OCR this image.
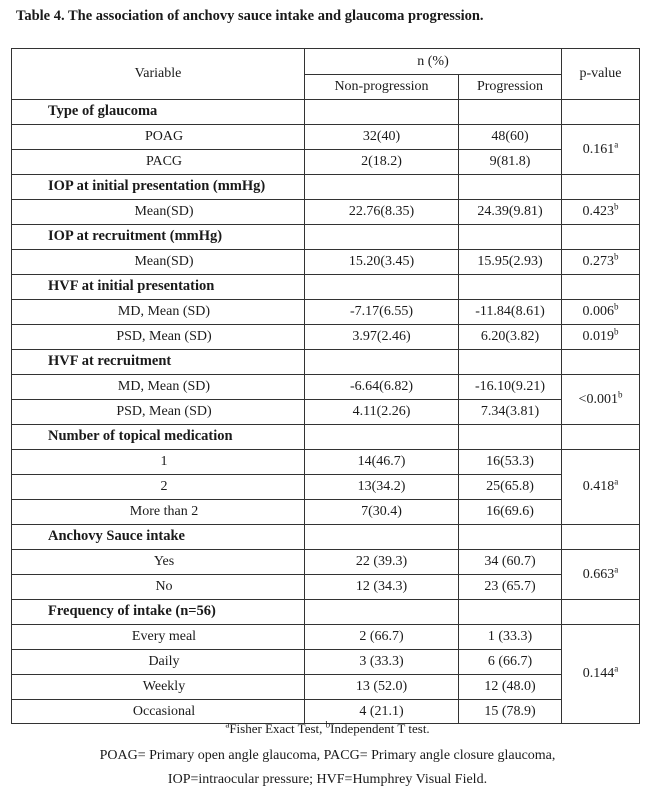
Table 4. The association of anchovy sauce intake and glaucoma progression.
Variable	n (%)		p-value
	Non-progression	Progression	
Type of glaucoma			
POAG	32(40)	48(60)	0.161$^a$
PACG	2(18.2)	9(81.8)	
IOP at initial presentation (mmHg)			
Mean(SD)	22.76(8.35)	24.39(9.81)	0.423$^b$
IOP at recruitment (mmHg)			
Mean(SD)	15.20(3.45)	15.95(2.93)	0.273$^b$
HVF at initial presentation			
MD, Mean (SD)	-7.17(6.55)	-11.84(8.61)	0.006$^b$
PSD, Mean (SD)	3.97(2.46)	6.20(3.82)	0.019$^b$
HVF at recruitment			
MD, Mean (SD)	-6.64(6.82)	-16.10(9.21)	<0.001$^b$
PSD, Mean (SD)	4.11(2.26)	7.34(3.81)	
Number of topical medication			
1	14(46.7)	16(53.3)	0.418$^a$
2	13(34.2)	25(65.8)	
More than 2	7(30.4)	16(69.6)	
Anchovy Sauce intake			
Yes	22 (39.3)	34 (60.7)	0.663$^a$
No	12 (34.3)	23 (65.7)	
Frequency of intake (n=56)			
Every meal	2 (66.7)	1 (33.3)	0.144$^a$
Daily	3 (33.3)	6 (66.7)	
Weekly	13 (52.0)	12 (48.0)	
Occasional	4 (21.1)	15 (78.9)	
$^a$Fisher Exact Test, $^b$Independent T test.
POAG= Primary open angle glaucoma, PACG= Primary angle closure glaucoma,
IOP=intraocular pressure; HVF=Humphrey Visual Field.
